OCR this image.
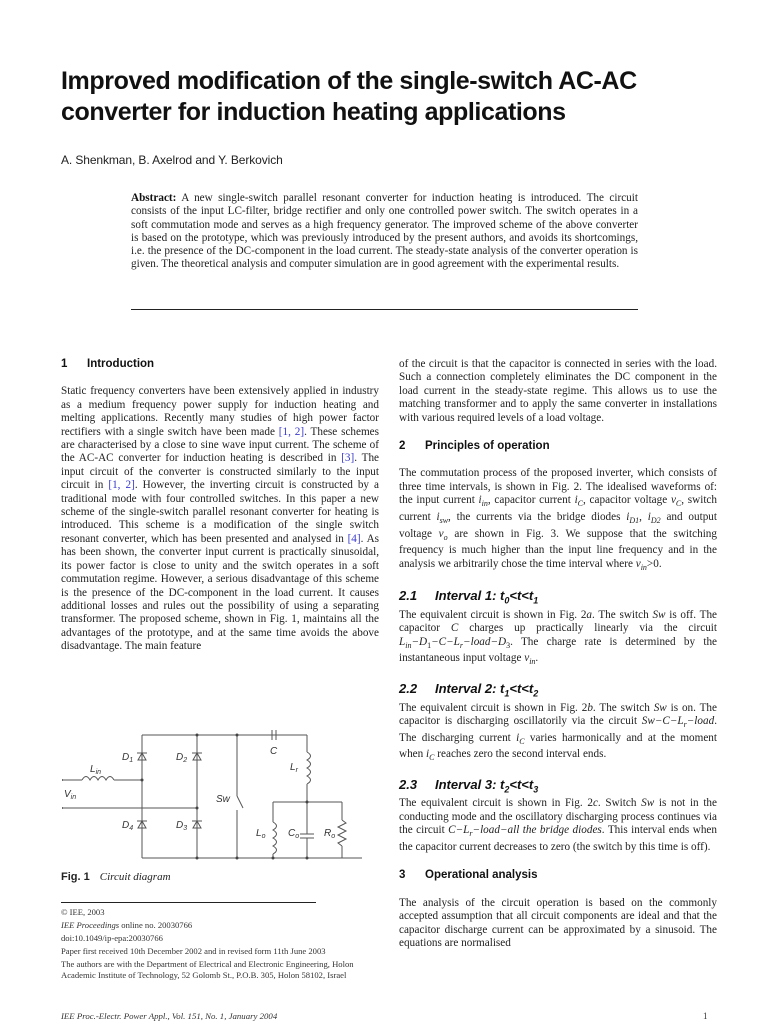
Improved modification of the single-switch AC-AC converter for induction heating applications

A. Shenkman, B. Axelrod and Y. Berkovich

Abstract: A new single-switch parallel resonant converter for induction heating is introduced. The circuit consists of the input LC-filter, bridge rectifier and only one controlled power switch. The switch operates in a soft commutation mode and serves as a high frequency generator. The improved scheme of the above converter is based on the prototype, which was previously introduced by the present authors, and avoids its shortcomings, i.e. the presence of the DC-component in the load current. The steady-state analysis of the converter operation is given. The theoretical analysis and computer simulation are in good agreement with the experimental results.

1 Introduction

Static frequency converters have been extensively applied in industry as a medium frequency power supply for induction heating and melting applications. Recently many studies of high power factor rectifiers with a single switch have been made [1, 2]. These schemes are characterised by a close to sine wave input current. The scheme of the AC-AC converter for induction heating is described in [3]. The input circuit of the converter is constructed similarly to the input circuit in [1, 2]. However, the inverting circuit is constructed by a traditional mode with four controlled switches. In this paper a new scheme of the single-switch parallel resonant converter for heating is introduced. This scheme is a modification of the single switch resonant converter, which has been presented and analysed in [4]. As has been shown, the converter input current is practically sinusoidal, its power factor is close to unity and the switch operates in a soft commutation regime. However, a serious disadvantage of this scheme is the presence of the DC-component in the load current. It causes additional losses and rules out the possibility of using a separating transformer. The proposed scheme, shown in Fig. 1, maintains all the advantages of the prototype, and at the same time avoids the above disadvantage. The main feature

$D_1$	$D_2$
$D_3$
$D_4$
$L_{in}$
$V_{in}$	Sw
C
$L_r$
$L_o$ $C_o$ $R_o$
Fig. 1 Circuit diagram

© IEE, 2003

IEE Proceedings online no. 20030766

doi:10.1049/ip-epa:20030766

Paper first received 10th December 2002 and in revised form 11th June 2003

The authors are with the Department of Electrical and Electronic Engineering, Holon Academic Institute of Technology, 52 Golomb St., P.O.B. 305, Holon 58102, Israel

of the circuit is that the capacitor is connected in series with the load. Such a connection completely eliminates the DC component in the load current in the steady-state regime. This allows us to use the matching transformer and to apply the same converter in installations with various required levels of a load voltage.

2 Principles of operation

The commutation process of the proposed inverter, which consists of three time intervals, is shown in Fig. 2. The idealised waveforms of: the input current $i_{in}$, capacitor current $i_C$, capacitor voltage $v_C$, switch current $i_{sw}$, the currents via the bridge diodes $i_{D1}$, $i_{D2}$ and output voltage $v_o$ are shown in Fig. 3. We suppose that the switching frequency is much higher than the input line frequency and in the analysis we arbitrarily chose the time interval where $v_{in}>0$.

2.1 Interval 1: $t_0<t<t_1$

The equivalent circuit is shown in Fig. 2a. The switch Sw is off. The capacitor C charges up practically linearly via the circuit $L_{in}-D_1-C-L_r-load-D_3$. The charge rate is determined by the instantaneous input voltage $v_{in}$.

2.2 Interval 2: $t_1<t<t_2$

The equivalent circuit is shown in Fig. 2b. The switch Sw is on. The capacitor is discharging oscillatorily via the circuit $Sw-C-L_r-load$. The discharging current $i_C$ varies harmonically and at the moment when $i_C$ reaches zero the second interval ends.

2.3 Interval 3: $t_2<t<t_3$

The equivalent circuit is shown in Fig. 2c. Switch Sw is not in the conducting mode and the oscillatory discharging process continues via the circuit $C-L_r-load-all$ the bridge diodes. This interval ends when the capacitor current decreases to zero (the switch by this time is off).

3 Operational analysis

The analysis of the circuit operation is based on the commonly accepted assumption that all circuit components are ideal and that the capacitor discharge current can be approximated by a sinusoid. The equations are normalised

IEE Proc.-Electr. Power Appl., Vol. 151, No. 1, January 2004	1
